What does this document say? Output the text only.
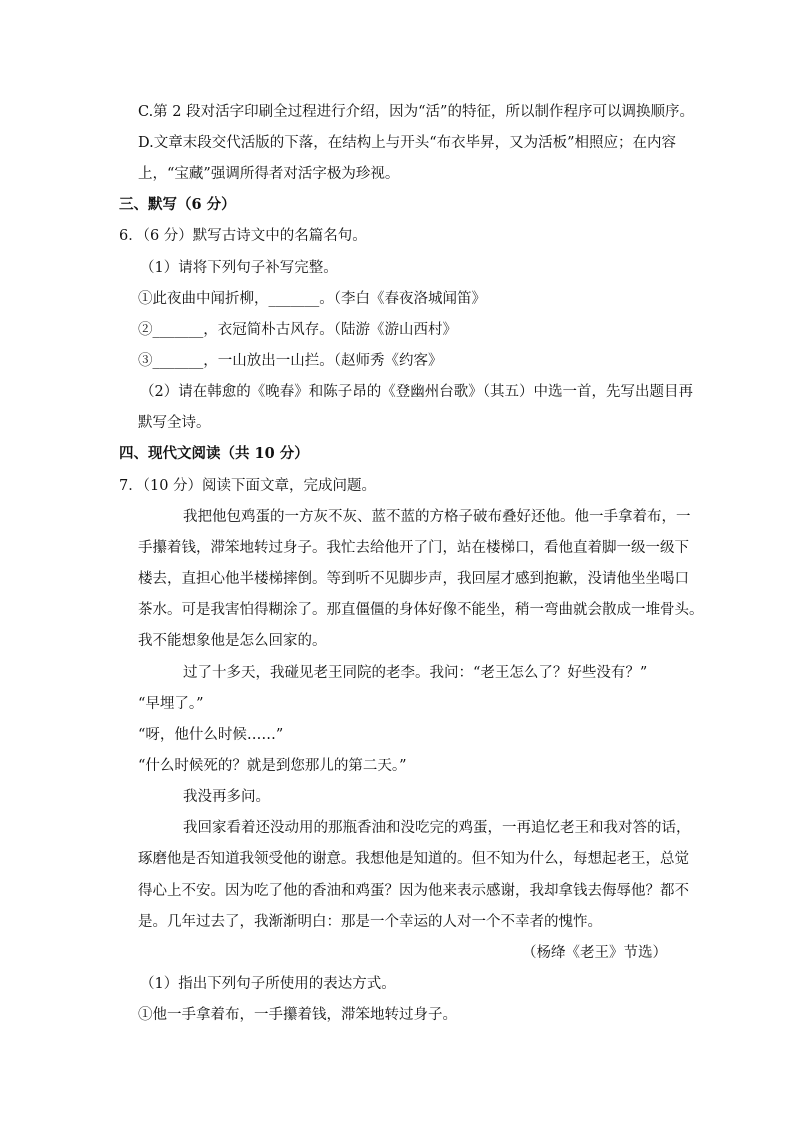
C.第 2 段对活字印刷全过程进行介绍，因为“活”的特征，所以制作程序可以调换顺序。
D.文章末段交代活版的下落，在结构上与开头“布衣毕昇，又为活板”相照应；在内容
上，“宝藏”强调所得者对活字极为珍视。
三、默写（6 分）
6．（6 分）默写古诗文中的名篇名句。
（1）请将下列句子补写完整。
①此夜曲中闻折柳，_______。（李白《春夜洛城闻笛》
②_______，衣冠简朴古风存。（陆游《游山西村》
③_______，一山放出一山拦。（赵师秀《约客》
（2）请在韩愈的《晚春》和陈子昂的《登幽州台歌》（其五）中选一首，先写出题目再
默写全诗。
四、现代文阅读（共 10 分）
7．（10 分）阅读下面文章，完成问题。
我把他包鸡蛋的一方灰不灰、蓝不蓝的方格子破布叠好还他。他一手拿着布，一
手攥着钱，滞笨地转过身子。我忙去给他开了门，站在楼梯口，看他直着脚一级一级下
楼去，直担心他半楼梯摔倒。等到听不见脚步声，我回屋才感到抱歉，没请他坐坐喝口
茶水。可是我害怕得糊涂了。那直僵僵的身体好像不能坐，稍一弯曲就会散成一堆骨头。
我不能想象他是怎么回家的。
过了十多天，我碰见老王同院的老李。我问：“老王怎么了？好些没有？”
“早埋了。”
“呀，他什么时候……”
“什么时候死的？就是到您那儿的第二天。”
我没再多问。
我回家看着还没动用的那瓶香油和没吃完的鸡蛋，一再追忆老王和我对答的话，
琢磨他是否知道我领受他的谢意。我想他是知道的。但不知为什么，每想起老王，总觉
得心上不安。因为吃了他的香油和鸡蛋？因为他来表示感谢，我却拿钱去侮辱他？都不
是。几年过去了，我渐渐明白：那是一个幸运的人对一个不幸者的愧怍。
（杨绛《老王》节选）
（1）指出下列句子所使用的表达方式。
①他一手拿着布，一手攥着钱，滞笨地转过身子。
